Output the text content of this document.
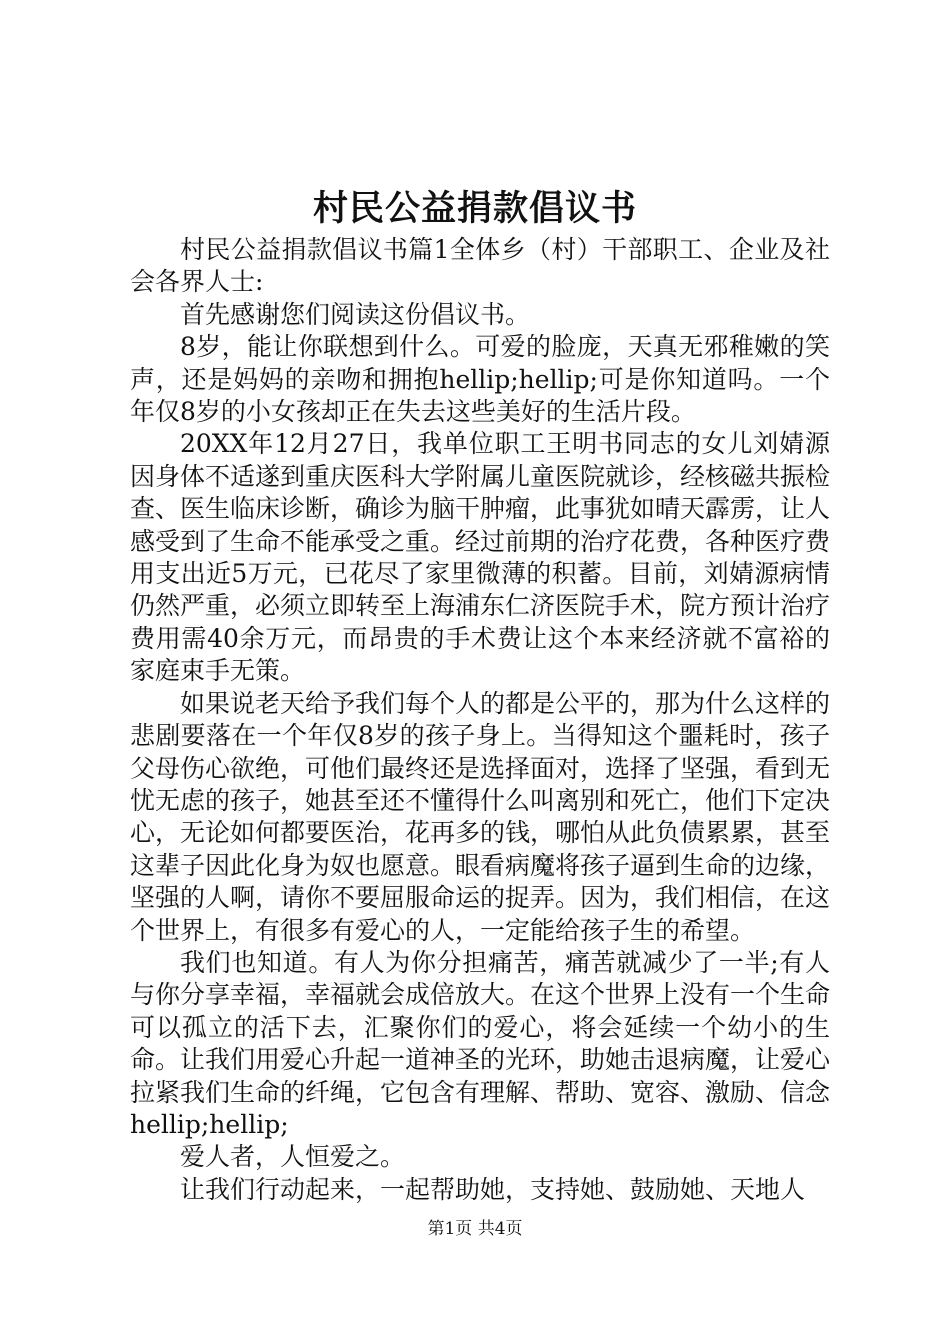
村民公益捐款倡议书

村民公益捐款倡议书篇1全体乡（村）干部职工、企业及社会各界人士:

首先感谢您们阅读这份倡议书。

8岁，能让你联想到什么。可爱的脸庞，天真无邪稚嫩的笑声，还是妈妈的亲吻和拥抱hellip;hellip;可是你知道吗。一个年仅8岁的小女孩却正在失去这些美好的生活片段。

20XX年12月27日，我单位职工王明书同志的女儿刘婧源因身体不适遂到重庆医科大学附属儿童医院就诊，经核磁共振检查、医生临床诊断，确诊为脑干肿瘤，此事犹如晴天霹雳，让人感受到了生命不能承受之重。经过前期的治疗花费，各种医疗费用支出近5万元，已花尽了家里微薄的积蓄。目前，刘婧源病情仍然严重，必须立即转至上海浦东仁济医院手术，院方预计治疗费用需40余万元，而昂贵的手术费让这个本来经济就不富裕的家庭束手无策。

如果说老天给予我们每个人的都是公平的，那为什么这样的悲剧要落在一个年仅8岁的孩子身上。当得知这个噩耗时，孩子父母伤心欲绝，可他们最终还是选择面对，选择了坚强，看到无忧无虑的孩子，她甚至还不懂得什么叫离别和死亡，他们下定决心，无论如何都要医治，花再多的钱，哪怕从此负债累累，甚至这辈子因此化身为奴也愿意。眼看病魔将孩子逼到生命的边缘，坚强的人啊，请你不要屈服命运的捉弄。因为，我们相信，在这个世界上，有很多有爱心的人，一定能给孩子生的希望。

我们也知道。有人为你分担痛苦，痛苦就减少了一半;有人与你分享幸福，幸福就会成倍放大。在这个世界上没有一个生命可以孤立的活下去，汇聚你们的爱心，将会延续一个幼小的生命。让我们用爱心升起一道神圣的光环，助她击退病魔，让爱心拉紧我们生命的纤绳，它包含有理解、帮助、宽容、激励、信念hellip;hellip;

爱人者，人恒爱之。

让我们行动起来，一起帮助她，支持她、鼓励她、天地人

第1页 共4页
